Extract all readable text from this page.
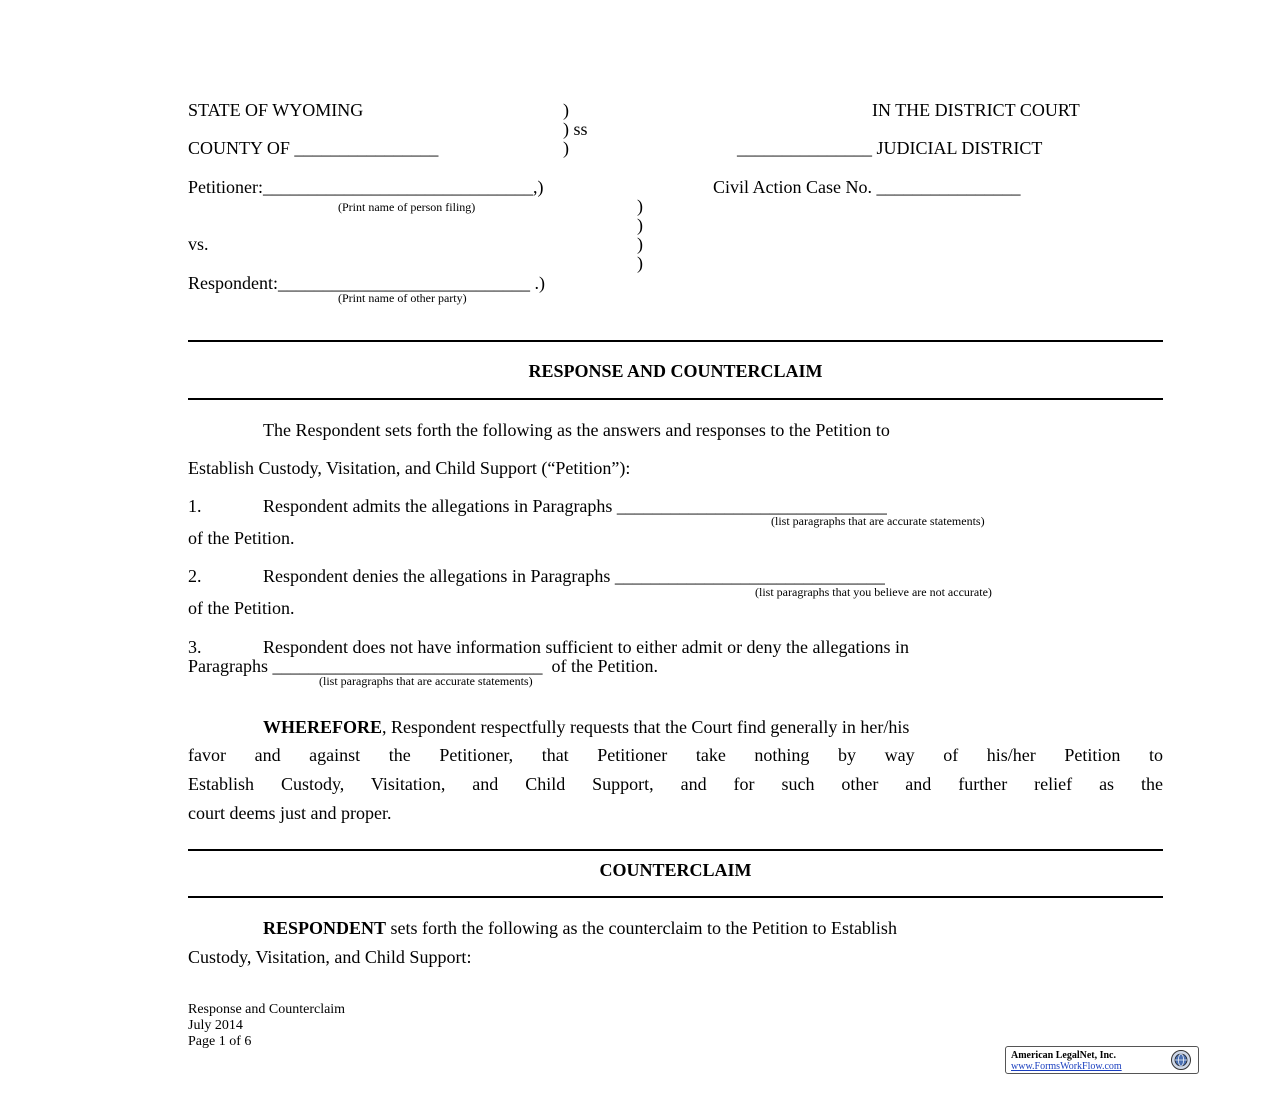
STATE OF WYOMING	)
) ss
COUNTY OF ________________	)
IN THE DISTRICT COURT
_______________ JUDICIAL DISTRICT
Petitioner:______________________________,)
(Print name of person filing)	)
)
vs.	)
)
Respondent:____________________________ .)
(Print name of other party)
Civil Action Case No. ________________
RESPONSE AND COUNTERCLAIM
The Respondent sets forth the following as the answers and responses to the Petition to
Establish Custody, Visitation, and Child Support (“Petition”):
1.	Respondent admits the allegations in Paragraphs ______________________________
(list paragraphs that are accurate statements)
of the Petition.
2.	Respondent denies the allegations in Paragraphs ______________________________
(list paragraphs that you believe are not accurate)
of the Petition.
3.	Respondent does not have information sufficient to either admit or deny the allegations in
Paragraphs ______________________________  of the Petition.
(list paragraphs that are accurate statements)
WHEREFORE, Respondent respectfully requests that the Court find generally in her/his
favor and against the Petitioner, that Petitioner take nothing by way of his/her Petition to
Establish Custody, Visitation, and Child Support, and for such other and further relief as the
court deems just and proper.
COUNTERCLAIM
RESPONDENT sets forth the following as the counterclaim to the Petition to Establish
Custody, Visitation, and Child Support:
Response and Counterclaim
July 2014
Page 1 of 6
American LegalNet, Inc.
www.FormsWorkFlow.com
